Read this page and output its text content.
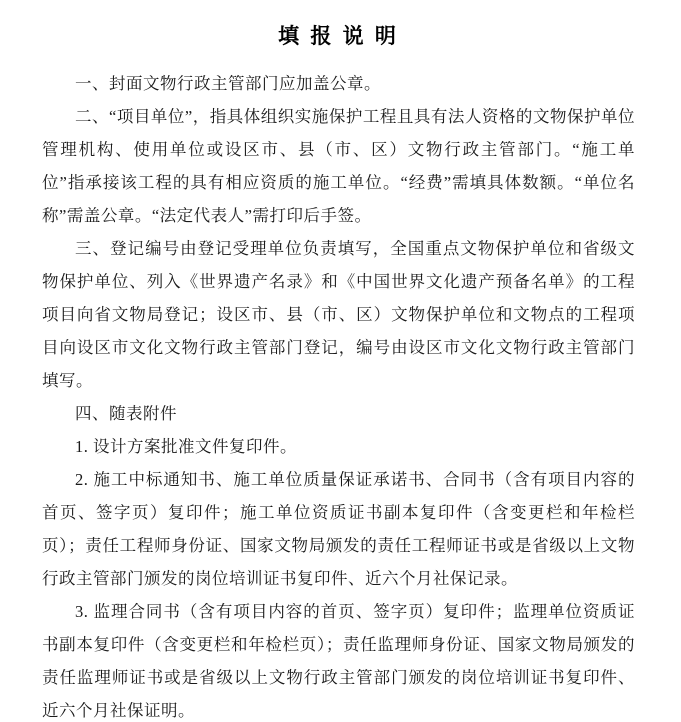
填 报 说 明

一、封面文物行政主管部门应加盖公章。

二、“项目单位”，指具体组织实施保护工程且具有法人资格的文物保护单位管理机构、使用单位或设区市、县（市、区）文物行政主管部门。“施工单位”指承接该工程的具有相应资质的施工单位。“经费”需填具体数额。“单位名称”需盖公章。“法定代表人”需打印后手签。

三、登记编号由登记受理单位负责填写，全国重点文物保护单位和省级文物保护单位、列入《世界遗产名录》和《中国世界文化遗产预备名单》的工程项目向省文物局登记；设区市、县（市、区）文物保护单位和文物点的工程项目向设区市文化文物行政主管部门登记，编号由设区市文化文物行政主管部门填写。

四、随表附件

1. 设计方案批准文件复印件。

2. 施工中标通知书、施工单位质量保证承诺书、合同书（含有项目内容的首页、签字页）复印件；施工单位资质证书副本复印件（含变更栏和年检栏页）；责任工程师身份证、国家文物局颁发的责任工程师证书或是省级以上文物行政主管部门颁发的岗位培训证书复印件、近六个月社保记录。

3. 监理合同书（含有项目内容的首页、签字页）复印件；监理单位资质证书副本复印件（含变更栏和年检栏页）；责任监理师身份证、国家文物局颁发的责任监理师证书或是省级以上文物行政主管部门颁发的岗位培训证书复印件、近六个月社保证明。
